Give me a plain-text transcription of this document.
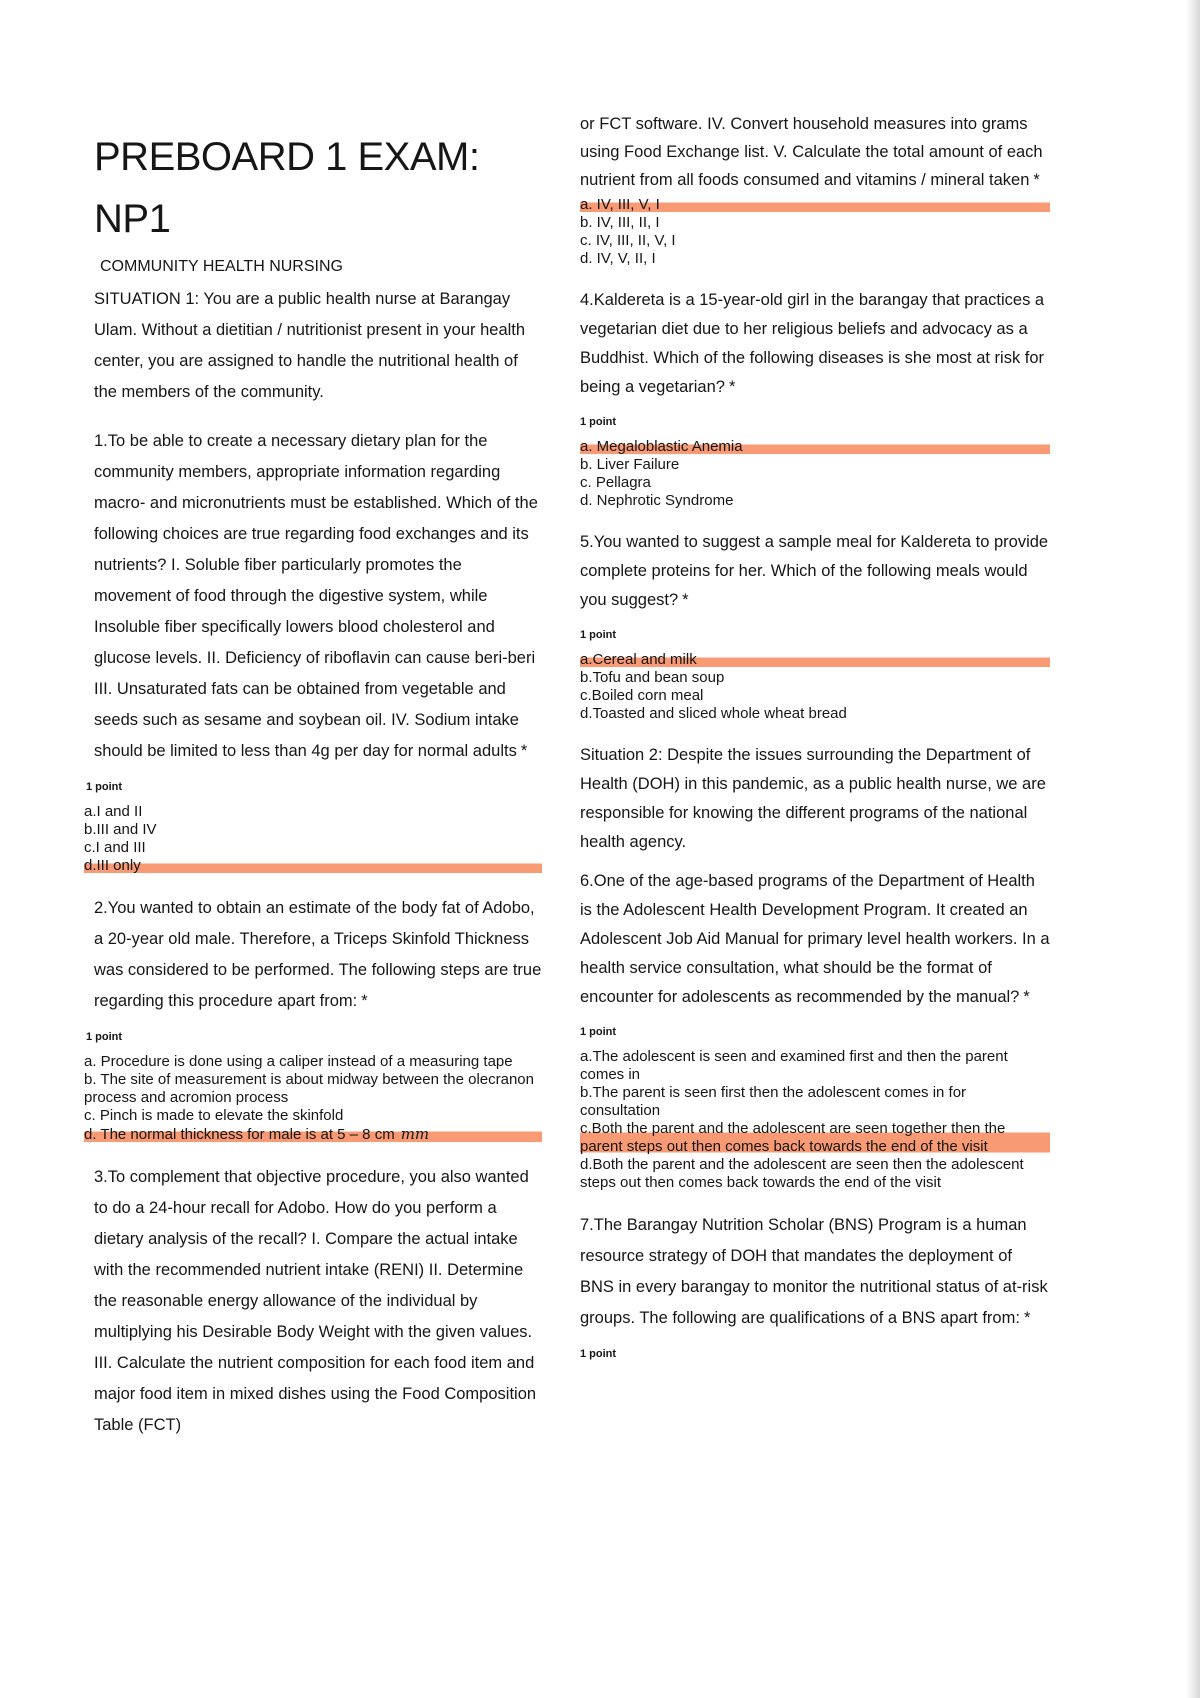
PREBOARD 1 EXAM:
NP1
COMMUNITY HEALTH NURSING
SITUATION 1: You are a public health nurse at Barangay Ulam. Without a dietitian / nutritionist present in your health center, you are assigned to handle the nutritional health of the members of the community.
1.To be able to create a necessary dietary plan for the community members, appropriate information regarding macro- and micronutrients must be established. Which of the following choices are true regarding food exchanges and its nutrients? I. Soluble fiber particularly promotes the movement of food through the digestive system, while Insoluble fiber specifically lowers blood cholesterol and glucose levels. II. Deficiency of riboflavin can cause beri-beri III. Unsaturated fats can be obtained from vegetable and seeds such as sesame and soybean oil. IV. Sodium intake should be limited to less than 4g per day for normal adults *
1 point
a.I and II
b.III and IV
c.I and III
d.III only
2.You wanted to obtain an estimate of the body fat of Adobo, a 20-year old male. Therefore, a Triceps Skinfold Thickness was considered to be performed. The following steps are true regarding this procedure apart from: *
1 point
a. Procedure is done using a caliper instead of a measuring tape
b. The site of measurement is about midway between the olecranon process and acromion process
c. Pinch is made to elevate the skinfold
d. The normal thickness for male is at 5 – 8 cm mm
3.To complement that objective procedure, you also wanted to do a 24-hour recall for Adobo. How do you perform a dietary analysis of the recall? I. Compare the actual intake with the recommended nutrient intake (RENI) II. Determine the reasonable energy allowance of the individual by multiplying his Desirable Body Weight with the given values. III. Calculate the nutrient composition for each food item and major food item in mixed dishes using the Food Composition Table (FCT)
or FCT software. IV. Convert household measures into grams using Food Exchange list. V. Calculate the total amount of each nutrient from all foods consumed and vitamins / mineral taken *
a. IV, III, V, I
b. IV, III, II, I
c. IV, III, II, V, I
d. IV, V, II, I
4.Kaldereta is a 15-year-old girl in the barangay that practices a vegetarian diet due to her religious beliefs and advocacy as a Buddhist. Which of the following diseases is she most at risk for being a vegetarian? *
1 point
a. Megaloblastic Anemia
b. Liver Failure
c. Pellagra
d. Nephrotic Syndrome
5.You wanted to suggest a sample meal for Kaldereta to provide complete proteins for her. Which of the following meals would you suggest? *
1 point
a.Cereal and milk
b.Tofu and bean soup
c.Boiled corn meal
d.Toasted and sliced whole wheat bread
Situation 2: Despite the issues surrounding the Department of Health (DOH) in this pandemic, as a public health nurse, we are responsible for knowing the different programs of the national health agency.
6.One of the age-based programs of the Department of Health is the Adolescent Health Development Program. It created an Adolescent Job Aid Manual for primary level health workers. In a health service consultation, what should be the format of encounter for adolescents as recommended by the manual? *
1 point
a.The adolescent is seen and examined first and then the parent comes in
b.The parent is seen first then the adolescent comes in for consultation
c.Both the parent and the adolescent are seen together then the parent steps out then comes back towards the end of the visit
d.Both the parent and the adolescent are seen then the adolescent steps out then comes back towards the end of the visit
7.The Barangay Nutrition Scholar (BNS) Program is a human resource strategy of DOH that mandates the deployment of BNS in every barangay to monitor the nutritional status of at-risk groups. The following are qualifications of a BNS apart from: *
1 point
